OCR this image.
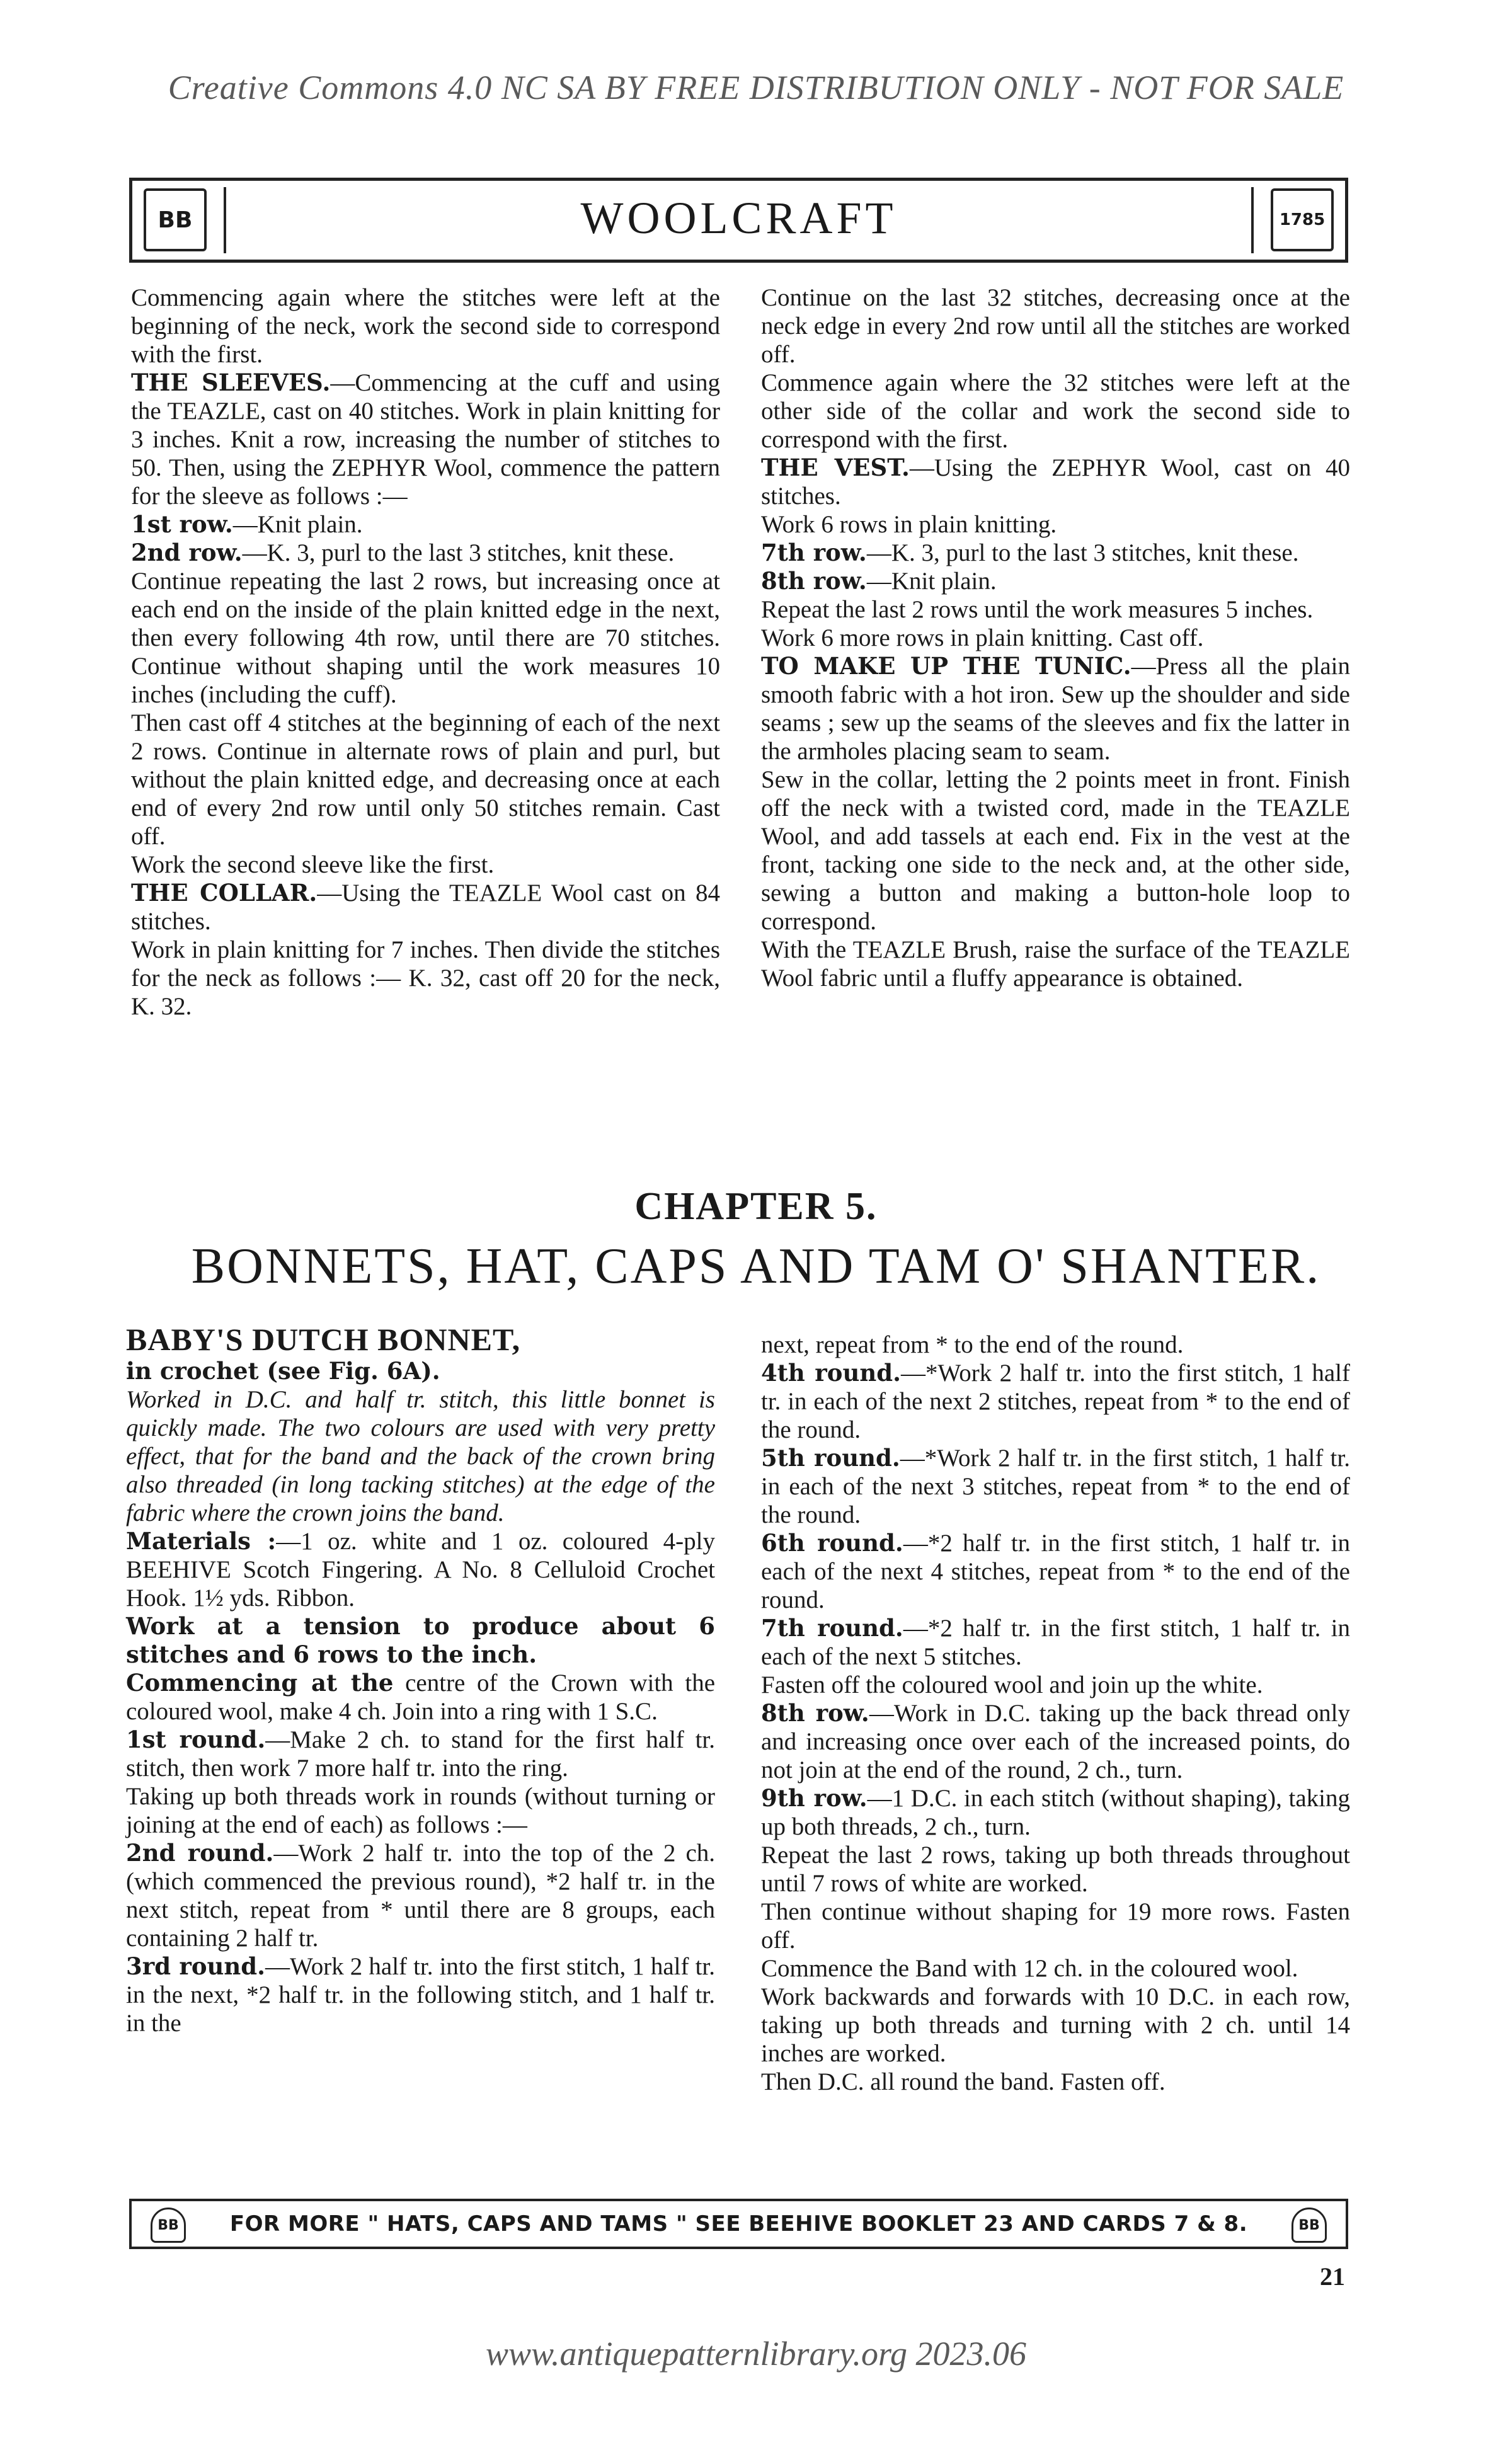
Creative Commons 4.0 NC SA BY FREE DISTRIBUTION ONLY - NOT FOR SALE
BB	WOOLCRAFT	1785

Commencing again where the stitches were left at the beginning of the neck, work the second side to correspond with the first.

THE SLEEVES.—Commencing at the cuff and using the TEAZLE, cast on 40 stitches. Work in plain knitting for 3 inches. Knit a row, increasing the number of stitches to 50. Then, using the ZEPHYR Wool, commence the pattern for the sleeve as follows :—

1st row.—Knit plain.

2nd row.—K. 3, purl to the last 3 stitches, knit these.

Continue repeating the last 2 rows, but increasing once at each end on the inside of the plain knitted edge in the next, then every following 4th row, until there are 70 stitches. Continue without shaping until the work measures 10 inches (including the cuff).

Then cast off 4 stitches at the beginning of each of the next 2 rows. Continue in alternate rows of plain and purl, but without the plain knitted edge, and decreasing once at each end of every 2nd row until only 50 stitches remain. Cast off.

Work the second sleeve like the first.

THE COLLAR.—Using the TEAZLE Wool cast on 84 stitches.

Work in plain knitting for 7 inches. Then divide the stitches for the neck as follows :— K. 32, cast off 20 for the neck, K. 32.

Continue on the last 32 stitches, decreasing once at the neck edge in every 2nd row until all the stitches are worked off.

Commence again where the 32 stitches were left at the other side of the collar and work the second side to correspond with the first.

THE VEST.—Using the ZEPHYR Wool, cast on 40 stitches.

Work 6 rows in plain knitting.

7th row.—K. 3, purl to the last 3 stitches, knit these.

8th row.—Knit plain.

Repeat the last 2 rows until the work measures 5 inches.

Work 6 more rows in plain knitting. Cast off.

TO MAKE UP THE TUNIC.—Press all the plain smooth fabric with a hot iron. Sew up the shoulder and side seams ; sew up the seams of the sleeves and fix the latter in the armholes placing seam to seam.

Sew in the collar, letting the 2 points meet in front. Finish off the neck with a twisted cord, made in the TEAZLE Wool, and add tassels at each end. Fix in the vest at the front, tacking one side to the neck and, at the other side, sewing a button and making a button-hole loop to correspond.

With the TEAZLE Brush, raise the surface of the TEAZLE Wool fabric until a fluffy appearance is obtained.

CHAPTER 5.
BONNETS, HAT, CAPS AND TAM O' SHANTER.
BABY'S DUTCH BONNET,

in crochet (see Fig. 6A).

Worked in D.C. and half tr. stitch, this little bonnet is quickly made. The two colours are used with very pretty effect, that for the band and the back of the crown bring also threaded (in long tacking stitches) at the edge of the fabric where the crown joins the band.

Materials :—1 oz. white and 1 oz. coloured 4-ply BEEHIVE Scotch Fingering. A No. 8 Celluloid Crochet Hook. 1½ yds. Ribbon.

Work at a tension to produce about 6 stitches and 6 rows to the inch.

Commencing at the centre of the Crown with the coloured wool, make 4 ch. Join into a ring with 1 S.C.

1st round.—Make 2 ch. to stand for the first half tr. stitch, then work 7 more half tr. into the ring.

Taking up both threads work in rounds (without turning or joining at the end of each) as follows :—

2nd round.—Work 2 half tr. into the top of the 2 ch. (which commenced the previous round), *2 half tr. in the next stitch, repeat from * until there are 8 groups, each containing 2 half tr.

3rd round.—Work 2 half tr. into the first stitch, 1 half tr. in the next, *2 half tr. in the following stitch, and 1 half tr. in the

next, repeat from * to the end of the round.

4th round.—*Work 2 half tr. into the first stitch, 1 half tr. in each of the next 2 stitches, repeat from * to the end of the round.

5th round.—*Work 2 half tr. in the first stitch, 1 half tr. in each of the next 3 stitches, repeat from * to the end of the round.

6th round.—*2 half tr. in the first stitch, 1 half tr. in each of the next 4 stitches, repeat from * to the end of the round.

7th round.—*2 half tr. in the first stitch, 1 half tr. in each of the next 5 stitches.

Fasten off the coloured wool and join up the white.

8th row.—Work in D.C. taking up the back thread only and increasing once over each of the increased points, do not join at the end of the round, 2 ch., turn.

9th row.—1 D.C. in each stitch (without shaping), taking up both threads, 2 ch., turn.

Repeat the last 2 rows, taking up both threads throughout until 7 rows of white are worked.

Then continue without shaping for 19 more rows. Fasten off.

Commence the Band with 12 ch. in the coloured wool.

Work backwards and forwards with 10 D.C. in each row, taking up both threads and turning with 2 ch. until 14 inches are worked.

Then D.C. all round the band. Fasten off.

BB	FOR MORE " HATS, CAPS AND TAMS " SEE BEEHIVE BOOKLET 23 AND CARDS 7 & 8.	BB
21
www.antiquepatternlibrary.org 2023.06
